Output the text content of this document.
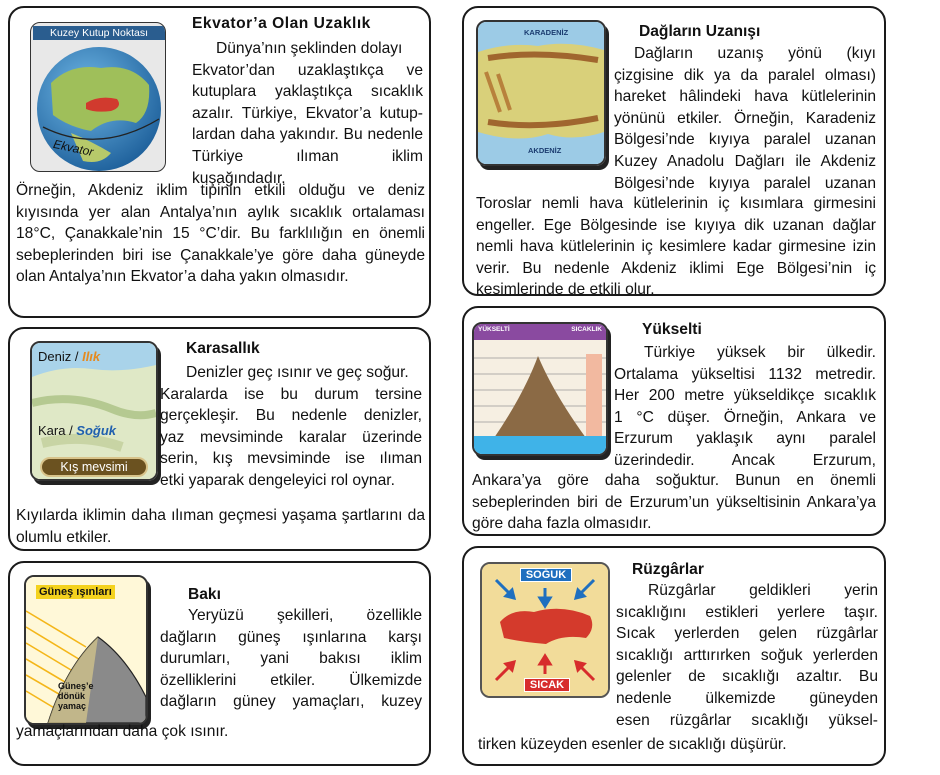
Kuzey Kutup Noktası
Ekvator
Ekvator’a Olan Uzaklık
Dünya’nın şeklinden dolayı
Ekvator’dan uzaklaştıkça ve
kutuplara yaklaştıkça sıcaklık
azalır. Türkiye, Ekvator’a kutup-
lardan daha yakındır. Bu nedenle
Türkiye ılıman iklim kuşağındadır.
Örneğin, Akdeniz iklim tipinin etkili olduğu ve deniz kıyısında yer alan Antalya’nın aylık sıcaklık ortalaması 18°C, Çanakkale’nin 15 °C’dir. Bu farklılığın en önemli sebeplerinden biri ise Çanakkale’ye göre daha güneyde olan Antalya’nın Ekvator’a daha yakın olmasıdır.
Deniz / Ilık
Kara / Soğuk
Kış mevsimi
Karasallık
Denizler geç ısınır ve geç soğur.
Karalarda ise bu durum tersine
gerçekleşir. Bu nedenle denizler,
yaz mevsiminde karalar üzerinde
serin, kış mevsiminde ise ılıman
etki yaparak dengeleyici rol oynar.
Kıyılarda iklimin daha ılıman geçmesi yaşama şartlarını da olumlu etkiler.
Güneş ışınları
Güneş’e
dönük
yamaç
Bakı
Yeryüzü şekilleri, özellikle
dağların güneş ışınlarına karşı
durumları, yani bakısı iklim
özelliklerini etkiler. Ülkemizde
dağların güney yamaçları, kuzey
yamaçlarından daha çok ısınır.
KARADENİZ
AKDENİZ
Dağların Uzanışı
Dağların uzanış yönü (kıyı
çizgisine dik ya da paralel olması)
hareket hâlindeki hava kütlelerinin
yönünü etkiler. Örneğin, Karadeniz
Bölgesi’nde kıyıya paralel uzanan
Kuzey Anadolu Dağları ile Akdeniz
Bölgesi’nde kıyıya paralel uzanan
Toroslar nemli hava kütlelerinin iç kısımlara girmesini engeller. Ege Bölgesinde ise kıyıya dik uzanan dağlar nemli hava kütlelerinin iç kesimlere kadar girmesine izin verir. Bu nedenle Akdeniz iklimi Ege Bölgesi’nin iç kesimlerinde de etkili olur.
YÜKSELTİ	SICAKLIK	Yükselti
Türkiye yüksek bir ülkedir.
Ortalama yükseltisi 1132 metredir.
Her 200 metre yükseldikçe sıcaklık
1 °C düşer. Örneğin, Ankara ve
Erzurum yaklaşık aynı paralel
üzerindedir. Ancak Erzurum,
Ankara’ya göre daha soğuktur. Bunun en önemli sebeplerinden biri de Erzurum’un yükseltisinin Ankara’ya göre daha fazla olmasıdır.
SOĞUK
SICAK
Rüzgârlar
Rüzgârlar geldikleri yerin
sıcaklığını estikleri yerlere taşır.
Sıcak yerlerden gelen rüzgârlar
sıcaklığı arttırırken soğuk yerlerden
gelenler de sıcaklığı azaltır. Bu
nedenle ülkemizde güneyden
esen rüzgârlar sıcaklığı yüksel-
tirken küzeyden esenler de sıcaklığı düşürür.
